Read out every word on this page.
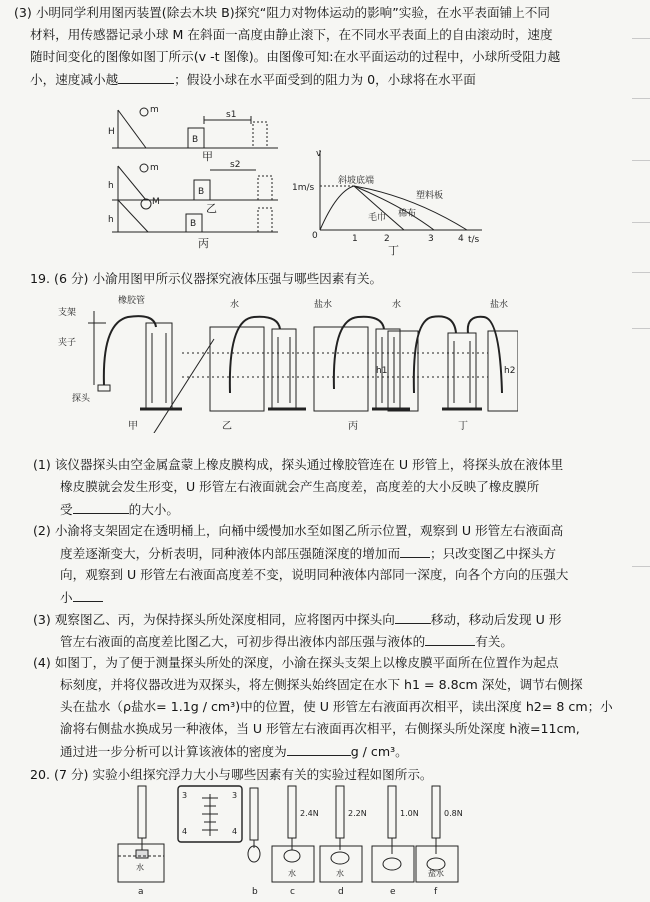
(3) 小明同学利用图丙装置(除去木块 B)探究“阻力对物体运动的影响”实验，在水平表面铺上不同
材料，用传感器记录小球 M 在斜面一高度由静止滚下，在不同水平表面上的自由滚动时，速度
随时间变化的图像如图丁所示(v -t 图像)。由图像可知:在水平面运动的过程中，小球所受阻力越
小，速度减小越	；假设小球在水平面受到的阻力为 0，小球将在水平面
H
h
h
m
m
M
B
B
B
s1
s2
甲
乙
丙
v
t/s
1m/s
0	1	2	3	4
斜坡底端
塑料板
毛巾 棉布
丁
19. (6 分) 小渝用图甲所示仪器探究液体压强与哪些因素有关。
支架
橡胶管
夹子
探头
水	盐水	水	盐水
h1	h2
甲	乙	丙	丁
(1) 该仪器探头由空金属盒蒙上橡皮膜构成，探头通过橡胶管连在 U 形管上，将探头放在液体里
橡皮膜就会发生形变，U 形管左右液面就会产生高度差，高度差的大小反映了橡皮膜所
受	的大小。
(2) 小渝将支架固定在透明桶上，向桶中缓慢加水至如图乙所示位置，观察到 U 形管左右液面高
度差逐渐变大，分析表明，同种液体内部压强随深度的增加而 ；只改变图乙中探头方
向，观察到 U 形管左右液面高度差不变，说明同种液体内部同一深度，向各个方向的压强大
小
(3) 观察图乙、丙，为保持探头所处深度相同，应将图丙中探头向	移动，移动后发现 U 形
管左右液面的高度差比图乙大，可初步得出液体内部压强与液体的	有关。
(4) 如图丁，为了便于测量探头所处的深度，小渝在探头支架上以橡皮膜平面所在位置作为起点
标刻度，并将仪器改进为双探头，将左侧探头始终固定在水下 h1 = 8.8cm 深处，调节右侧探
头在盐水（ρ盐水= 1.1g / cm³)中的位置，使 U 形管左右液面再次相平，读出深度 h2= 8 cm；小
渝将右侧盐水换成另一种液体，当 U 形管左右液面再次相平，右侧探头所处深度 h液=11cm,
通过进一步分析可以计算该液体的密度为	g / cm³。
20. (7 分) 实验小组探究浮力大小与哪些因素有关的实验过程如图所示。
3	3
4	4
2.4N	2.2N	1.0N	0.8N
水
水	水	盐水
a	b	c	d	e	f
